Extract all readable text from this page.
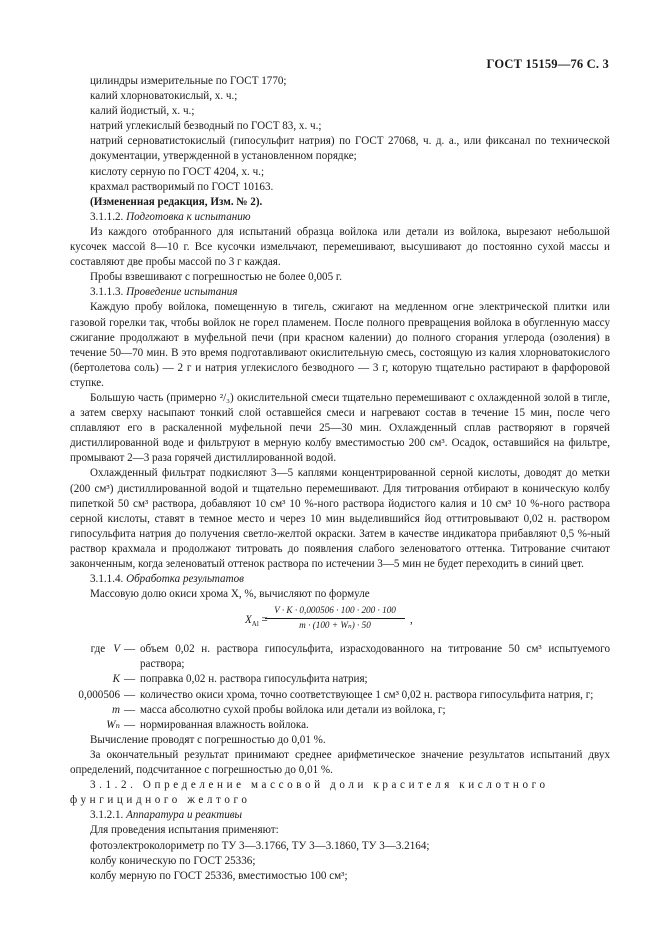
ГОСТ 15159—76 С. 3

цилиндры измерительные по ГОСТ 1770;

калий хлорноватокислый, х. ч.;

калий йодистый, х. ч.;

натрий углекислый безводный по ГОСТ 83, х. ч.;

натрий серноватистокислый (гипосульфит натрия) по ГОСТ 27068, ч. д. а., или фиксанал по технической документации, утвержденной в установленном порядке;

кислоту серную по ГОСТ 4204, х. ч.;

крахмал растворимый по ГОСТ 10163.

(Измененная редакция, Изм. № 2).

3.1.1.2. Подготовка к испытанию

Из каждого отобранного для испытаний образца войлока или детали из войлока, вырезают небольшой кусочек массой 8—10 г. Все кусочки измельчают, перемешивают, высушивают до постоянно сухой массы и составляют две пробы массой по 3 г каждая.

Пробы взвешивают с погрешностью не более 0,005 г.

3.1.1.3. Проведение испытания

Каждую пробу войлока, помещенную в тигель, сжигают на медленном огне электрической плитки или газовой горелки так, чтобы войлок не горел пламенем. После полного превращения войлока в обугленную массу сжигание продолжают в муфельной печи (при красном калении) до полного сгорания углерода (озоления) в течение 50—70 мин. В это время подготавливают окислительную смесь, состоящую из калия хлорноватокислого (бертолетова соль) — 2 г и натрия углекислого безводного — 3 г, которую тщательно растирают в фарфоровой ступке.

Большую часть (примерно ²/₃) окислительной смеси тщательно перемешивают с охлажденной золой в тигле, а затем сверху насыпают тонкий слой оставшейся смеси и нагревают состав в течение 15 мин, после чего сплавляют его в раскаленной муфельной печи 25—30 мин. Охлажденный сплав растворяют в горячей дистиллированной воде и фильтруют в мерную колбу вместимостью 200 см³. Осадок, оставшийся на фильтре, промывают 2—3 раза горячей дистиллированной водой.

Охлажденный фильтрат подкисляют 3—5 каплями концентрированной серной кислоты, доводят до метки (200 см³) дистиллированной водой и тщательно перемешивают. Для титрования отбирают в коническую колбу пипеткой 50 см³ раствора, добавляют 10 см³ 10 %-ного раствора йодистого калия и 10 см³ 10 %-ного раствора серной кислоты, ставят в темное место и через 10 мин выделившийся йод оттитровывают 0,02 н. раствором гипосульфита натрия до получения светло-желтой окраски. Затем в качестве индикатора прибавляют 0,5 %-ный раствор крахмала и продолжают титровать до появления слабого зеленоватого оттенка. Титрование считают законченным, когда зеленоватый оттенок раствора по истечении 3—5 мин не будет переходить в синий цвет.

3.1.1.4. Обработка результатов

Массовую долю окиси хрома X, %, вычисляют по формуле

$X_{Al}$ =
$\frac{V \cdot K \cdot 0,000506 \cdot 100 \cdot 200 \cdot 100}{\text{m · (100 + Wₙ) · 50}}$ ,
где V — объем 0,02 н. раствора гипосульфита, израсходованного на титрование 50 см³ испытуемого раствора;
K — поправка 0,02 н. раствора гипосульфита натрия;
0,000506 — количество окиси хрома, точно соответствующее 1 см³ 0,02 н. раствора гипосульфита натрия, г;
m — масса абсолютно сухой пробы войлока или детали из войлока, г;
Wₙ — нормированная влажность войлока.

Вычисление проводят с погрешностью до 0,01 %.

За окончательный результат принимают среднее арифметическое значение результатов испытаний двух определений, подсчитанное с погрешностью до 0,01 %.

3.1.2. Определение массовой доли красителя кислотного фунгицидного желтого

3.1.2.1. Аппаратура и реактивы

Для проведения испытания применяют:

фотоэлектроколориметр по ТУ 3—3.1766, ТУ 3—3.1860, ТУ 3—3.2164;

колбу коническую по ГОСТ 25336;

колбу мерную по ГОСТ 25336, вместимостью 100 см³;
